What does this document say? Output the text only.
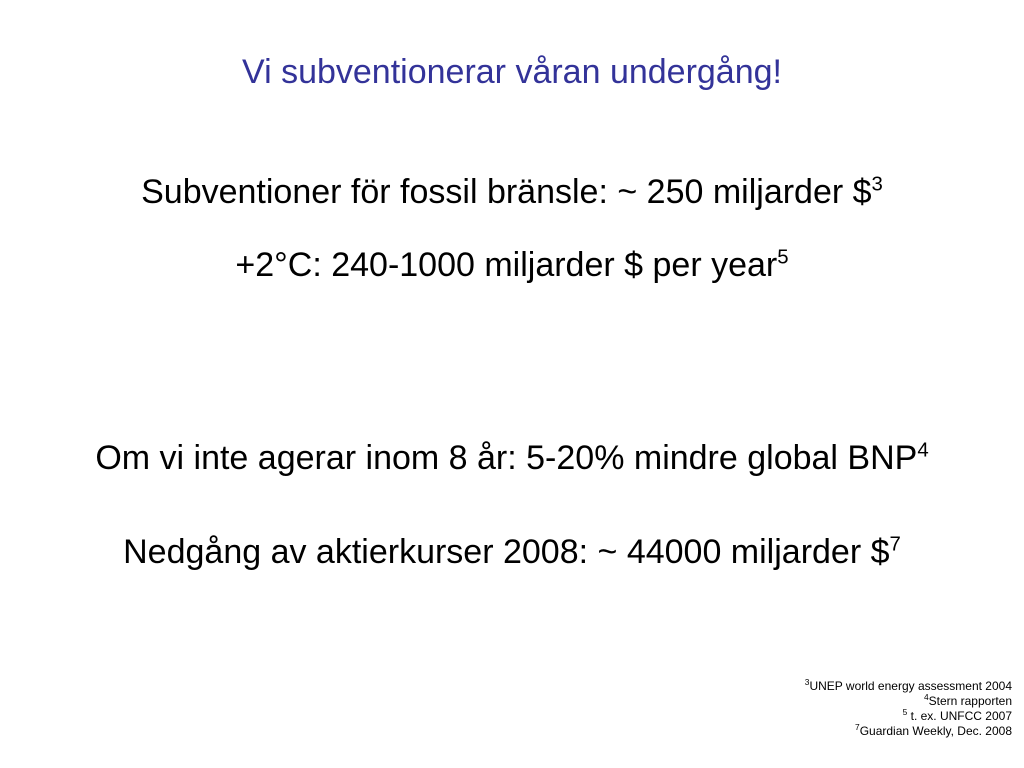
Vi subventionerar våran undergång!
Subventioner för fossil bränsle: ~ 250 miljarder \$$^3$
+2°C: 240-1000 miljarder $ per year$^5$
Om vi inte agerar inom 8 år: 5-20% mindre global BNP$^4$
Nedgång av aktierkurser 2008: ~ 44000 miljarder \$$^7$
$^3$UNEP world energy assessment 2004
$^4$Stern rapporten
$^5$ t. ex. UNFCC 2007
$^7$Guardian Weekly, Dec. 2008
